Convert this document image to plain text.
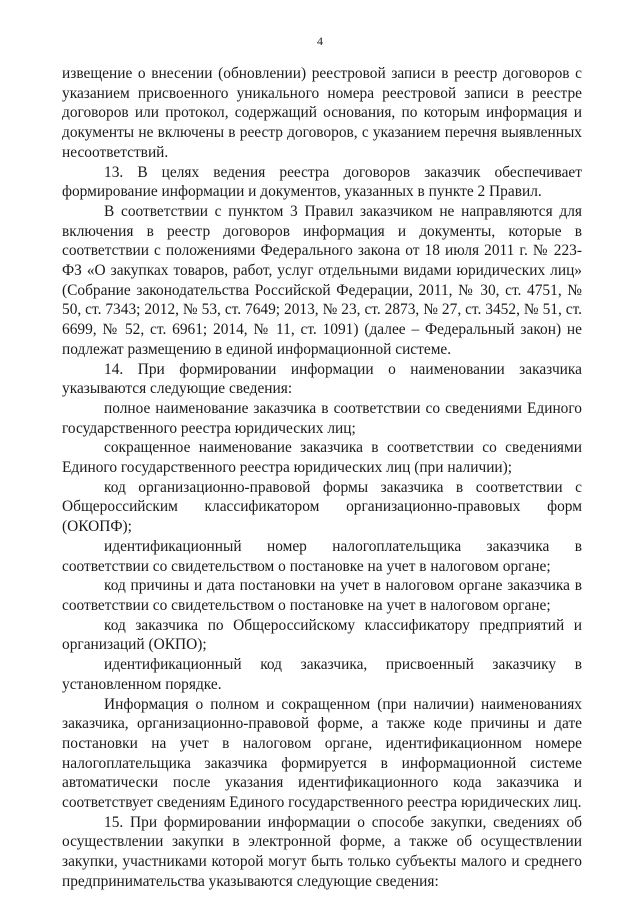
4

извещение о внесении (обновлении) реестровой записи в реестр договоров с указанием присвоенного уникального номера реестровой записи в реестре договоров или протокол, содержащий основания, по которым информация и документы не включены в реестр договоров, с указанием перечня выявленных несоответствий.

13. В целях ведения реестра договоров заказчик обеспечивает формирование информации и документов, указанных в пункте 2 Правил.

В соответствии с пунктом 3 Правил заказчиком не направляются для включения в реестр договоров информация и документы, которые в соответствии с положениями Федерального закона от 18 июля 2011 г. № 223-ФЗ «О закупках товаров, работ, услуг отдельными видами юридических лиц» (Собрание законодательства Российской Федерации, 2011, № 30, ст. 4751, № 50, ст. 7343; 2012, № 53, ст. 7649; 2013, № 23, ст. 2873, № 27, ст. 3452, № 51, ст. 6699, № 52, ст. 6961; 2014, № 11, ст. 1091) (далее – Федеральный закон) не подлежат размещению в единой информационной системе.

14. При формировании информации о наименовании заказчика указываются следующие сведения:

полное наименование заказчика в соответствии со сведениями Единого государственного реестра юридических лиц;

сокращенное наименование заказчика в соответствии со сведениями Единого государственного реестра юридических лиц (при наличии);

код организационно-правовой формы заказчика в соответствии с Общероссийским классификатором организационно-правовых форм (ОКОПФ);

идентификационный номер налогоплательщика заказчика в соответствии со свидетельством о постановке на учет в налоговом органе;

код причины и дата постановки на учет в налоговом органе заказчика в соответствии со свидетельством о постановке на учет в налоговом органе;

код заказчика по Общероссийскому классификатору предприятий и организаций (ОКПО);

идентификационный код заказчика, присвоенный заказчику в установленном порядке.

Информация о полном и сокращенном (при наличии) наименованиях заказчика, организационно-правовой форме, а также коде причины и дате постановки на учет в налоговом органе, идентификационном номере налогоплательщика заказчика формируется в информационной системе автоматически после указания идентификационного кода заказчика и соответствует сведениям Единого государственного реестра юридических лиц.

15. При формировании информации о способе закупки, сведениях об осуществлении закупки в электронной форме, а также об осуществлении закупки, участниками которой могут быть только субъекты малого и среднего предпринимательства указываются следующие сведения:
